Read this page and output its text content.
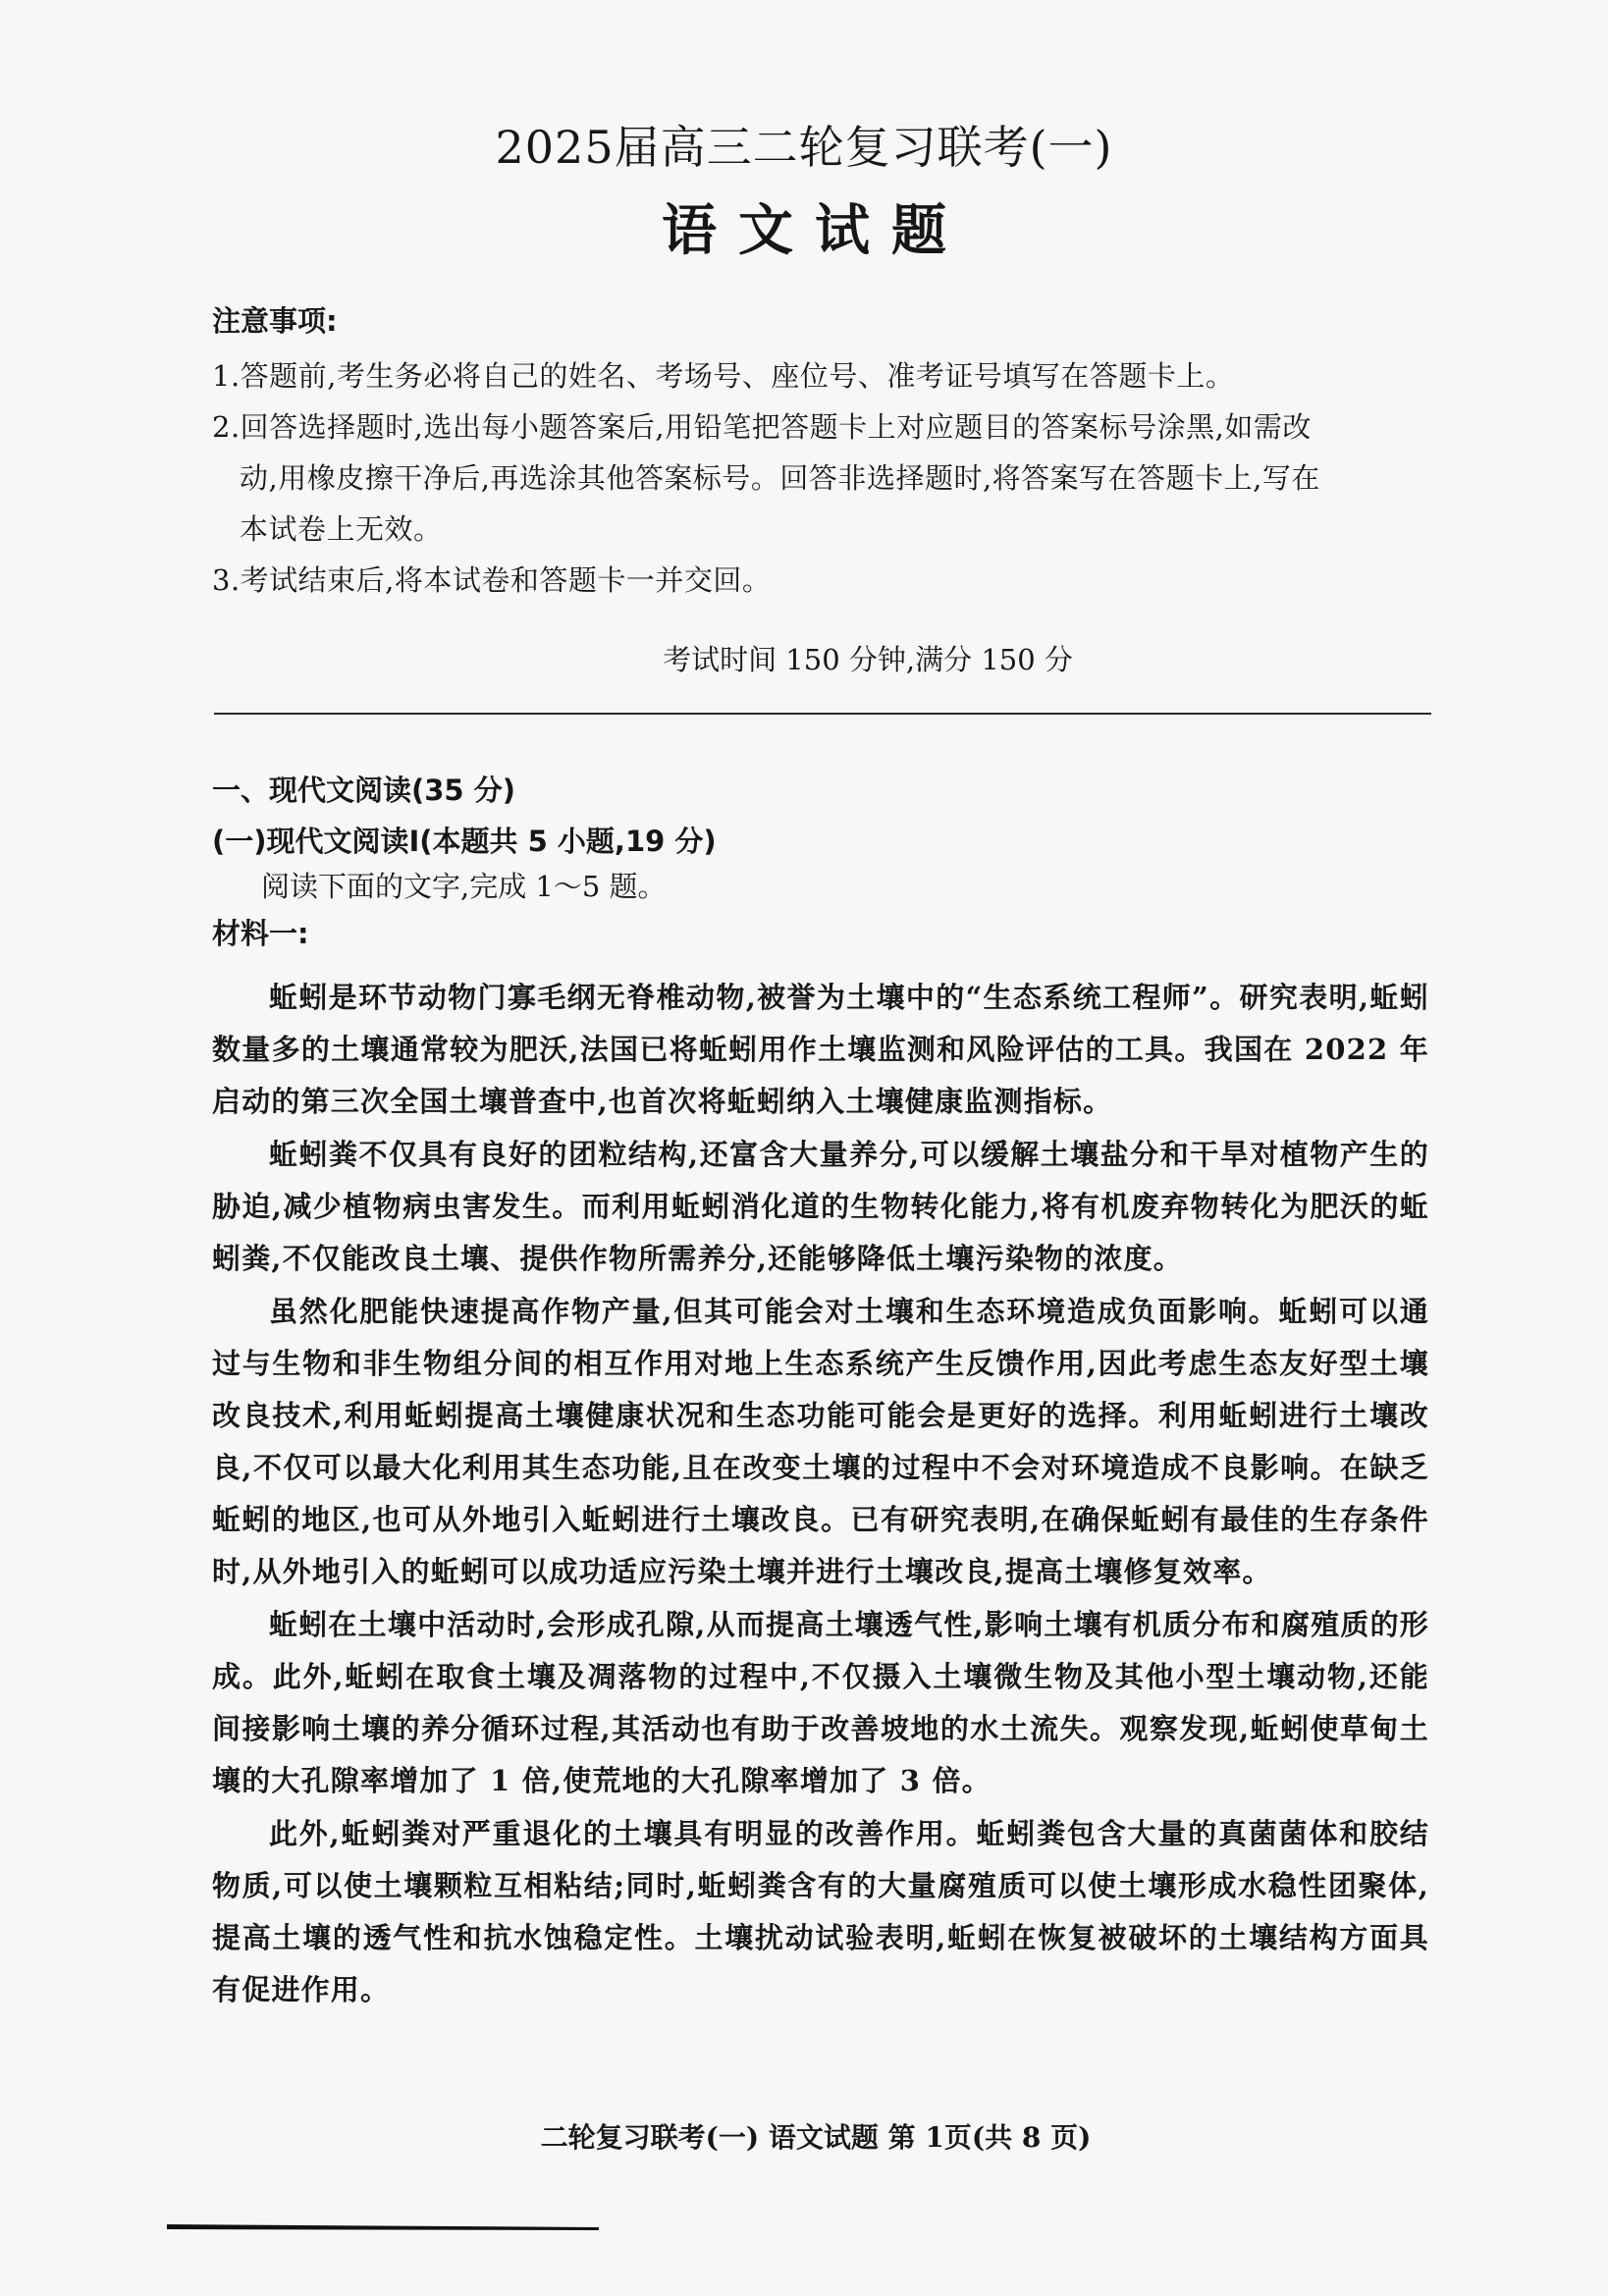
2025届高三二轮复习联考(一)
语文试题
注意事项:
1.答题前,考生务必将自己的姓名、考场号、座位号、准考证号填写在答题卡上。
2.回答选择题时,选出每小题答案后,用铅笔把答题卡上对应题目的答案标号涂黑,如需改
动,用橡皮擦干净后,再选涂其他答案标号。回答非选择题时,将答案写在答题卡上,写在
本试卷上无效。
3.考试结束后,将本试卷和答题卡一并交回。
考试时间 150 分钟,满分 150 分
一、现代文阅读(35 分)
(一)现代文阅读Ⅰ(本题共 5 小题,19 分)
阅读下面的文字,完成 1～5 题。
材料一:

蚯蚓是环节动物门寡毛纲无脊椎动物,被誉为土壤中的“生态系统工程师”。研究表明,蚯蚓数量多的土壤通常较为肥沃,法国已将蚯蚓用作土壤监测和风险评估的工具。我国在 2022 年启动的第三次全国土壤普查中,也首次将蚯蚓纳入土壤健康监测指标。

蚯蚓粪不仅具有良好的团粒结构,还富含大量养分,可以缓解土壤盐分和干旱对植物产生的胁迫,减少植物病虫害发生。而利用蚯蚓消化道的生物转化能力,将有机废弃物转化为肥沃的蚯蚓粪,不仅能改良土壤、提供作物所需养分,还能够降低土壤污染物的浓度。

虽然化肥能快速提高作物产量,但其可能会对土壤和生态环境造成负面影响。蚯蚓可以通过与生物和非生物组分间的相互作用对地上生态系统产生反馈作用,因此考虑生态友好型土壤改良技术,利用蚯蚓提高土壤健康状况和生态功能可能会是更好的选择。利用蚯蚓进行土壤改良,不仅可以最大化利用其生态功能,且在改变土壤的过程中不会对环境造成不良影响。在缺乏蚯蚓的地区,也可从外地引入蚯蚓进行土壤改良。已有研究表明,在确保蚯蚓有最佳的生存条件时,从外地引入的蚯蚓可以成功适应污染土壤并进行土壤改良,提高土壤修复效率。

蚯蚓在土壤中活动时,会形成孔隙,从而提高土壤透气性,影响土壤有机质分布和腐殖质的形成。此外,蚯蚓在取食土壤及凋落物的过程中,不仅摄入土壤微生物及其他小型土壤动物,还能间接影响土壤的养分循环过程,其活动也有助于改善坡地的水土流失。观察发现,蚯蚓使草甸土壤的大孔隙率增加了 1 倍,使荒地的大孔隙率增加了 3 倍。

此外,蚯蚓粪对严重退化的土壤具有明显的改善作用。蚯蚓粪包含大量的真菌菌体和胶结物质,可以使土壤颗粒互相粘结;同时,蚯蚓粪含有的大量腐殖质可以使土壤形成水稳性团聚体,提高土壤的透气性和抗水蚀稳定性。土壤扰动试验表明,蚯蚓在恢复被破坏的土壤结构方面具有促进作用。

二轮复习联考(一) 语文试题 第 1页(共 8 页)
